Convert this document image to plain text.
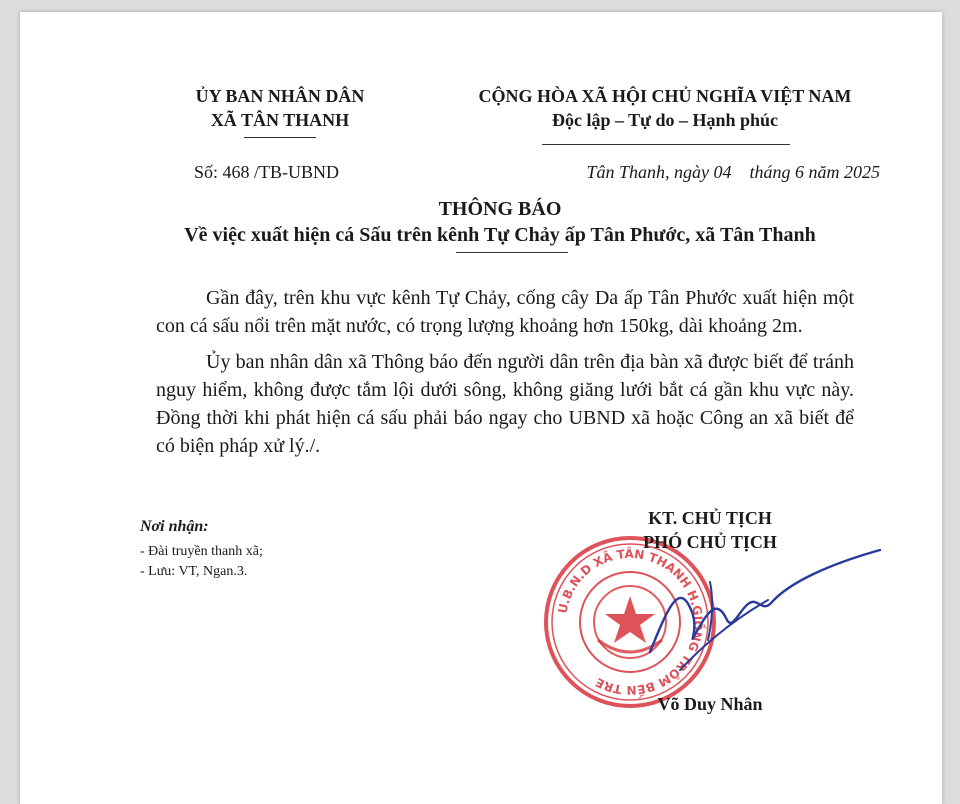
ỦY BAN NHÂN DÂN
XÃ TÂN THANH
CỘNG HÒA XÃ HỘI CHỦ NGHĨA VIỆT NAM
Độc lập – Tự do – Hạnh phúc
Số: 468 /TB-UBND	Tân Thanh, ngày 04    tháng 6 năm 2025
THÔNG BÁO
Về việc xuất hiện cá Sấu trên kênh Tự Chảy ấp Tân Phước, xã Tân Thanh

Gần đây, trên khu vực kênh Tự Chảy, cống cây Da ấp Tân Phước xuất hiện một con cá sấu nổi trên mặt nước, có trọng lượng khoảng hơn 150kg, dài khoảng 2m.

Ủy ban nhân dân xã Thông báo đến người dân trên địa bàn xã được biết để tránh nguy hiểm, không được tắm lội dưới sông, không giăng lưới bắt cá gần khu vực này. Đồng thời khi phát hiện cá sấu phải báo ngay cho UBND xã hoặc Công an xã biết để có biện pháp xử lý./.

Nơi nhận:
- Đài truyền thanh xã;
- Lưu: VT, Ngan.3.
U.B.N.D XÃ TÂN THANH H.GIỒNG TRÔM BẾN TRE
KT. CHỦ TỊCH
PHÓ CHỦ TỊCH
Võ Duy Nhân
